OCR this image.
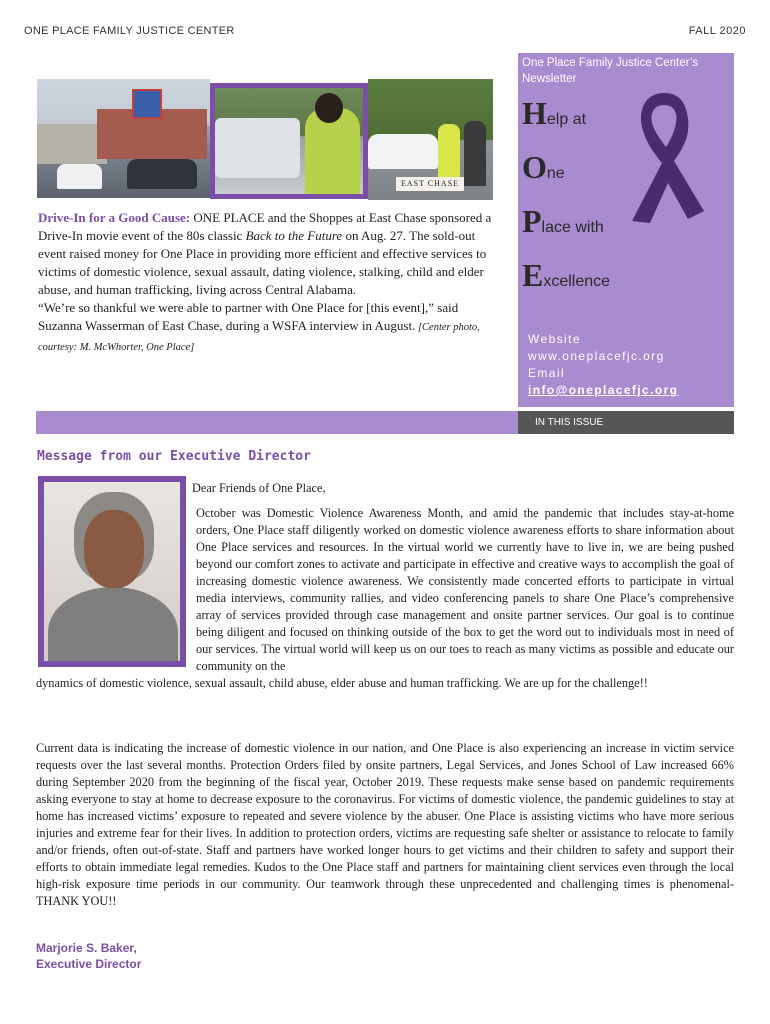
ONE PLACE FAMILY JUSTICE CENTER	FALL 2020
EAST CHASE
Drive-In for a Good Cause: ONE PLACE and the Shoppes at East Chase sponsored a Drive-In movie event of the 80s classic Back to the Future on Aug. 27. The sold-out event raised money for One Place in providing more efficient and effective services to victims of domestic violence, sexual assault, dating violence, stalking, child and elder abuse, and human trafficking, living across Central Alabama.
“We’re so thankful we were able to partner with One Place for [this event],” said Suzanna Wasserman of East Chase, during a WSFA interview in August. [Center photo, courtesy: M. McWhorter, One Place]
One Place Family Justice Center’s Newsletter
Help at
One
Place with
Excellence
Website
www.oneplacefjc.org
Email
info@oneplacefjc.org
IN THIS ISSUE
Message from our Executive Director
Dear Friends of One Place,
October was Domestic Violence Awareness Month, and amid the pandemic that includes stay-at-home orders, One Place staff diligently worked on domestic violence awareness efforts to share information about One Place services and resources. In the virtual world we currently have to live in, we are being pushed beyond our comfort zones to activate and participate in effective and creative ways to accomplish the goal of increasing domestic violence awareness. We consistently made concerted efforts to participate in virtual media interviews, community rallies, and video conferencing panels to share One Place’s comprehensive array of services provided through case management and onsite partner services. Our goal is to continue being diligent and focused on thinking outside of the box to get the word out to individuals most in need of our services. The virtual world will keep us on our toes to reach as many victims as possible and educate our community on the
dynamics of domestic violence, sexual assault, child abuse, elder abuse and human trafficking. We are up for the challenge!!
Current data is indicating the increase of domestic violence in our nation, and One Place is also experiencing an increase in victim service requests over the last several months. Protection Orders filed by onsite partners, Legal Services, and Jones School of Law increased 66% during September 2020 from the beginning of the fiscal year, October 2019. These requests make sense based on pandemic requirements asking everyone to stay at home to decrease exposure to the coronavirus. For victims of domestic violence, the pandemic guidelines to stay at home has increased victims’ exposure to repeated and severe violence by the abuser. One Place is assisting victims who have more serious injuries and extreme fear for their lives. In addition to protection orders, victims are requesting safe shelter or assistance to relocate to family and/or friends, often out-of-state. Staff and partners have worked longer hours to get victims and their children to safety and support their efforts to obtain immediate legal remedies. Kudos to the One Place staff and partners for maintaining client services even through the local high-risk exposure time periods in our community. Our teamwork through these unprecedented and challenging times is phenomenal-THANK YOU!!
Marjorie S. Baker,
Executive Director
